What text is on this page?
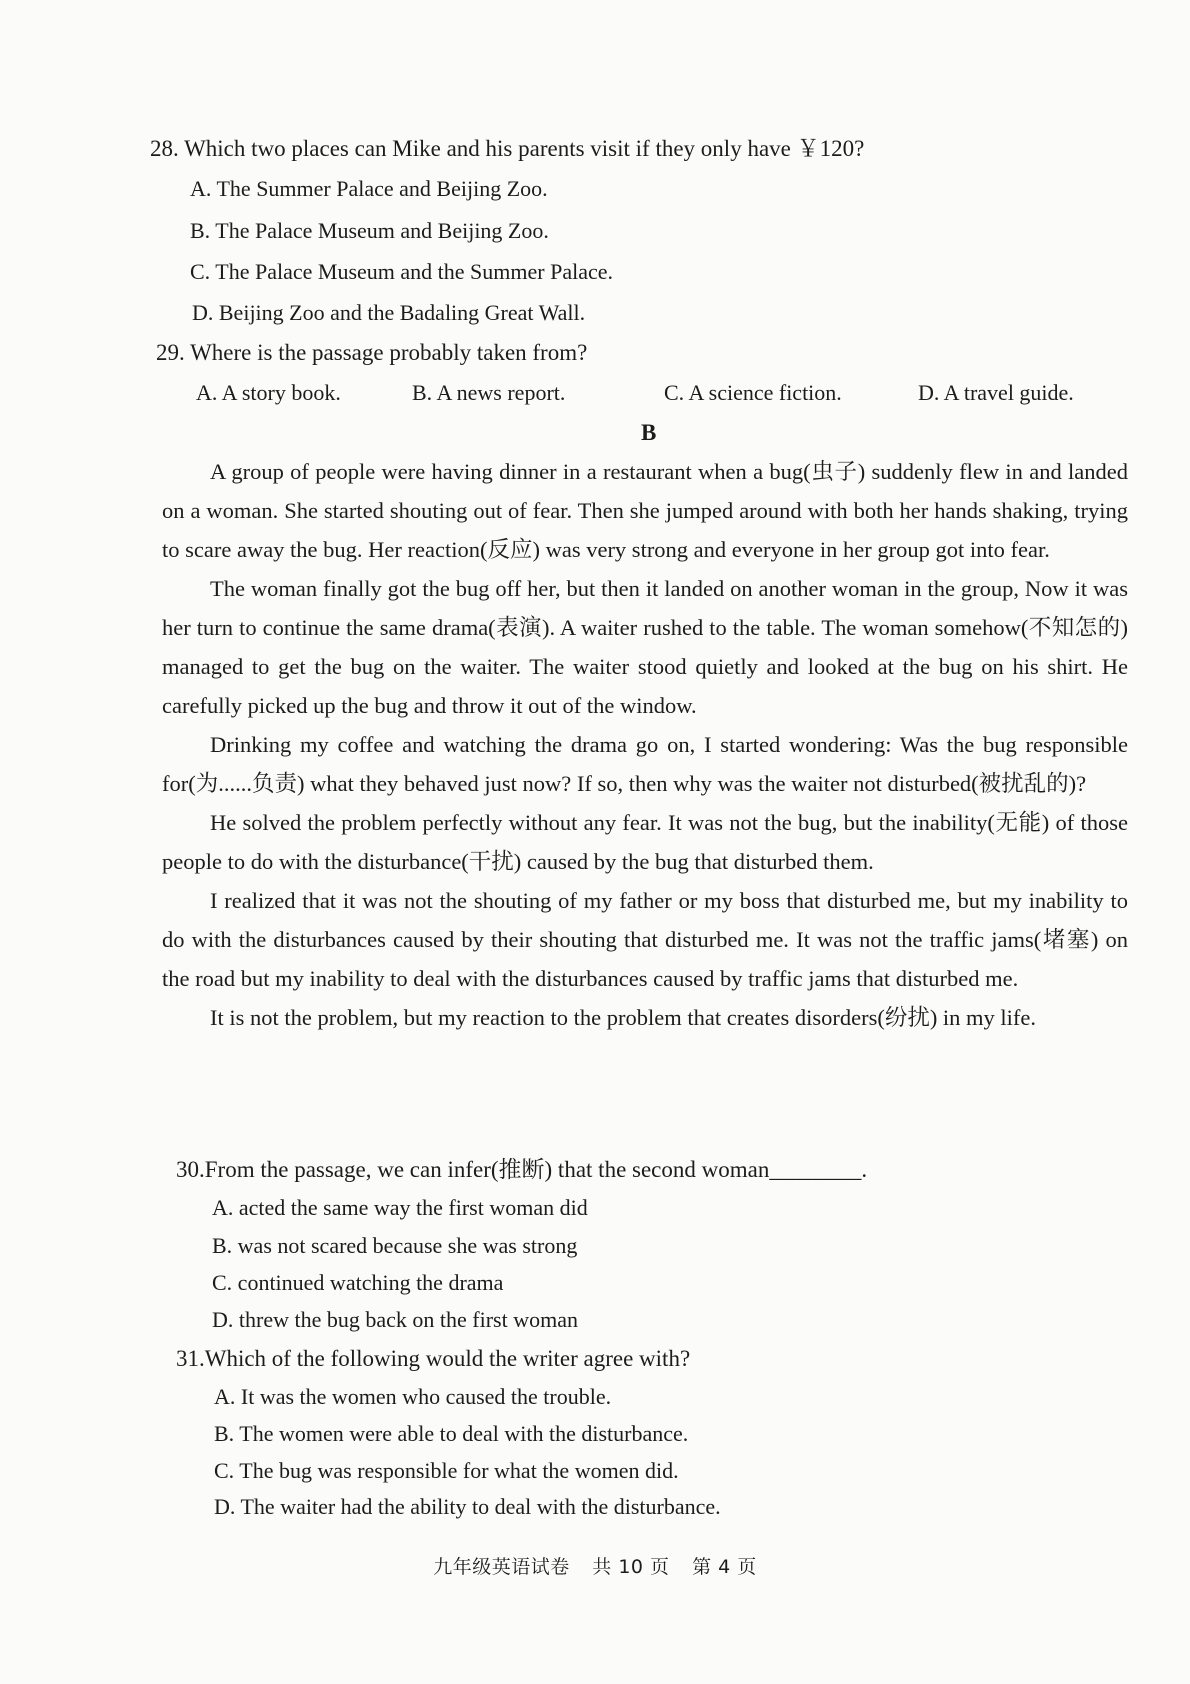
28. Which two places can Mike and his parents visit if they only have ￥120?
A. The Summer Palace and Beijing Zoo.
B. The Palace Museum and Beijing Zoo.
C. The Palace Museum and the Summer Palace.
D. Beijing Zoo and the Badaling Great Wall.
29. Where is the passage probably taken from?
A. A story book.	B. A news report.	C. A science fiction.	D. A travel guide.
B

A group of people were having dinner in a restaurant when a bug(虫子) suddenly flew in and landed on a woman. She started shouting out of fear. Then she jumped around with both her hands shaking, trying to scare away the bug. Her reaction(反应) was very strong and everyone in her group got into fear.

The woman finally got the bug off her, but then it landed on another woman in the group, Now it was her turn to continue the same drama(表演). A waiter rushed to the table. The woman somehow(不知怎的) managed to get the bug on the waiter. The waiter stood quietly and looked at the bug on his shirt. He carefully picked up the bug and throw it out of the window.

Drinking my coffee and watching the drama go on, I started wondering: Was the bug responsible for(为......负责) what they behaved just now? If so, then why was the waiter not disturbed(被扰乱的)?

He solved the problem perfectly without any fear. It was not the bug, but the inability(无能) of those people to do with the disturbance(干扰) caused by the bug that disturbed them.

I realized that it was not the shouting of my father or my boss that disturbed me, but my inability to do with the disturbances caused by their shouting that disturbed me. It was not the traffic jams(堵塞) on the road but my inability to deal with the disturbances caused by traffic jams that disturbed me.

It is not the problem, but my reaction to the problem that creates disorders(纷扰) in my life.

30.From the passage, we can infer(推断) that the second woman________.
A. acted the same way the first woman did
B. was not scared because she was strong
C. continued watching the drama
D. threw the bug back on the first woman
31.Which of the following would the writer agree with?
A. It was the women who caused the trouble.
B. The women were able to deal with the disturbance.
C. The bug was responsible for what the women did.
D. The waiter had the ability to deal with the disturbance.
九年级英语试卷 共 10 页 第 4 页
